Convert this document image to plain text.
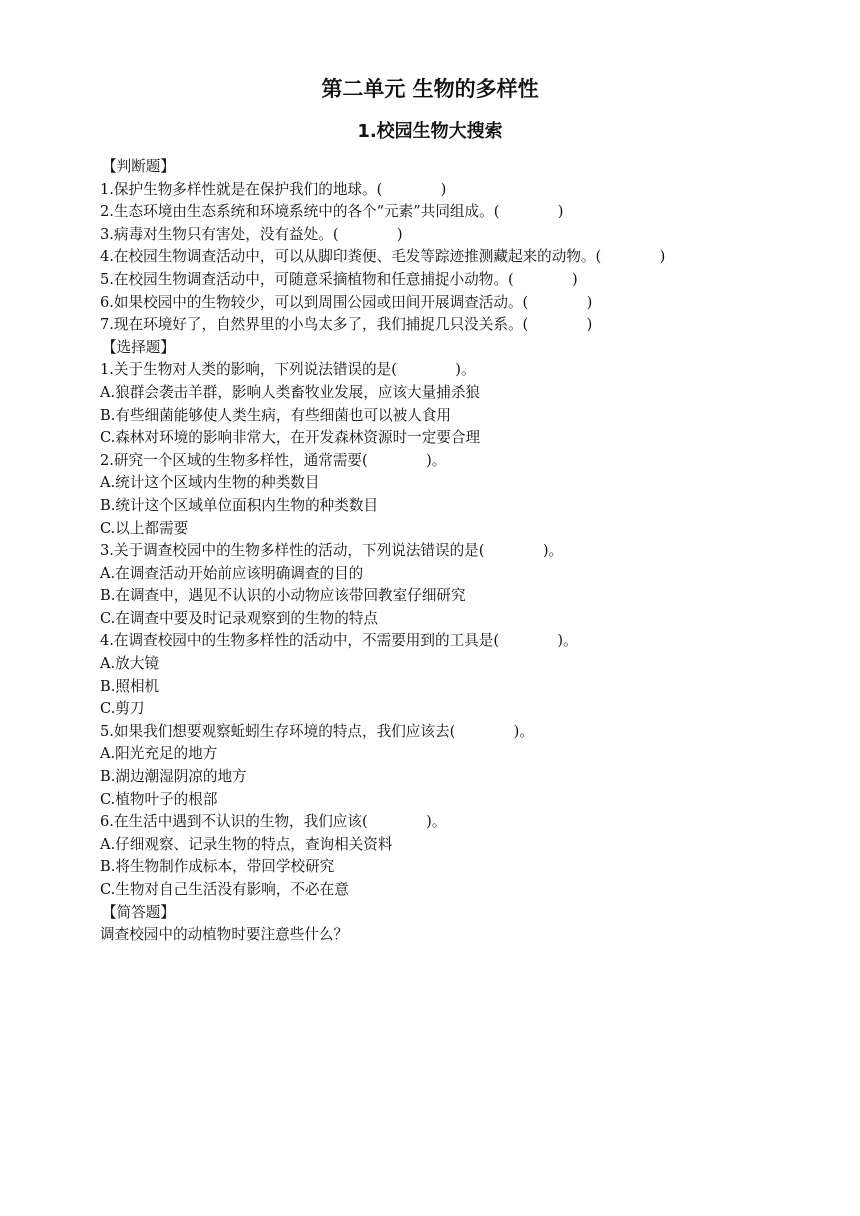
第二单元 生物的多样性
1.校园生物大搜索
【判断题】
1.保护生物多样性就是在保护我们的地球。(　　　　)
2.生态环境由生态系统和环境系统中的各个“元素”共同组成。(　　　　)
3.病毒对生物只有害处，没有益处。(　　　　)
4.在校园生物调查活动中，可以从脚印粪便、毛发等踪迹推测藏起来的动物。(　　　　)
5.在校园生物调查活动中，可随意采摘植物和任意捕捉小动物。(　　　　)
6.如果校园中的生物较少，可以到周围公园或田间开展调查活动。(　　　　)
7.现在环境好了，自然界里的小鸟太多了，我们捕捉几只没关系。(　　　　)
【选择题】
1.关于生物对人类的影响，下列说法错误的是(　　　　)。
A.狼群会袭击羊群，影响人类畜牧业发展，应该大量捕杀狼
B.有些细菌能够使人类生病，有些细菌也可以被人食用
C.森林对环境的影响非常大，在开发森林资源时一定要合理
2.研究一个区域的生物多样性，通常需要(　　　　)。
A.统计这个区域内生物的种类数目
B.统计这个区域单位面积内生物的种类数目
C.以上都需要
3.关于调查校园中的生物多样性的活动，下列说法错误的是(　　　　)。
A.在调查活动开始前应该明确调查的目的
B.在调查中，遇见不认识的小动物应该带回教室仔细研究
C.在调查中要及时记录观察到的生物的特点
4.在调查校园中的生物多样性的活动中，不需要用到的工具是(　　　　)。
A.放大镜
B.照相机
C.剪刀
5.如果我们想要观察蚯蚓生存环境的特点，我们应该去(　　　　)。
A.阳光充足的地方
B.湖边潮湿阴凉的地方
C.植物叶子的根部
6.在生活中遇到不认识的生物，我们应该(　　　　)。
A.仔细观察、记录生物的特点，查询相关资料
B.将生物制作成标本，带回学校研究
C.生物对自己生活没有影响，不必在意
【简答题】
调查校园中的动植物时要注意些什么？
